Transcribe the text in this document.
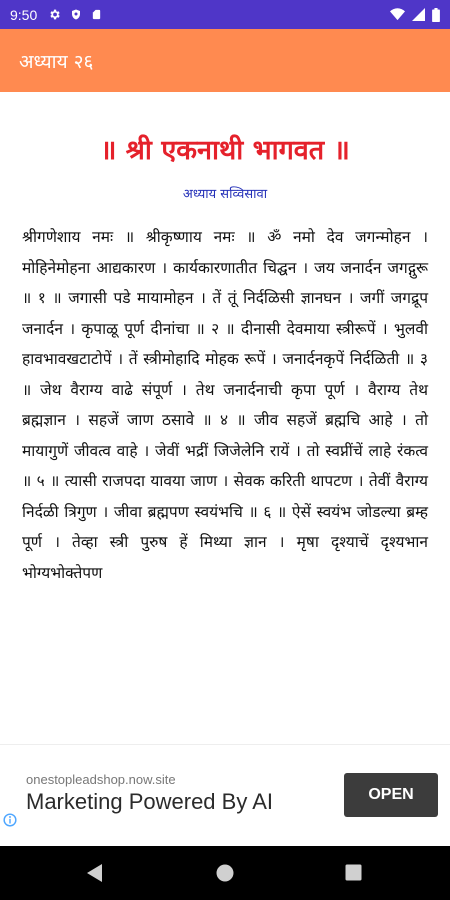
9:50
अध्याय २६
॥ श्री एकनाथी भागवत ॥
अध्याय सव्विसावा
श्रीगणेशाय नमः ॥ श्रीकृष्णाय नमः ॥ ॐ नमो देव जगन्मोहन । मोहिनेमोहना आद्यकारण । कार्यकारणातीत चिद्घन । जय जनार्दन जगद्गुरू ॥ १ ॥ जगासी पडे मायामोहन । तें तूं निर्दळिसी ज्ञानघन । जगीं जगद्रूप जनार्दन । कृपाळू पूर्ण दीनांचा ॥ २ ॥ दीनासी देवमाया स्त्रीरूपें । भुलवी हावभावखटाटोपें । तें स्त्रीमोहादि मोहक रूपें । जनार्दनकृपें निर्दळिती ॥ ३ ॥ जेथ वैराग्य वाढे संपूर्ण । तेथ जनार्दनाची कृपा पूर्ण । वैराग्य तेथ ब्रह्मज्ञान । सहजें जाण ठसावे ॥ ४ ॥ जीव सहजें ब्रह्मचि आहे । तो मायागुणें जीवत्व वाहे । जेवीं भद्रीं जिजेलेनि रायें । तो स्वप्नींचें लाहे रंकत्व ॥ ५ ॥ त्यासी राजपदा यावया जाण । सेवक करिती थापटण । तेवीं वैराग्य निर्दळी त्रिगुण । जीवा ब्रह्मपण स्वयंभचि ॥ ६ ॥ ऐसें स्वयंभ जोडल्या ब्रम्ह पूर्ण । तेव्हा स्त्री पुरुष हें मिथ्या ज्ञान । मृषा दृश्याचें दृश्यभान भोग्यभोक्तेपण
onestopleadshop.now.site
Marketing Powered By AI	OPEN
